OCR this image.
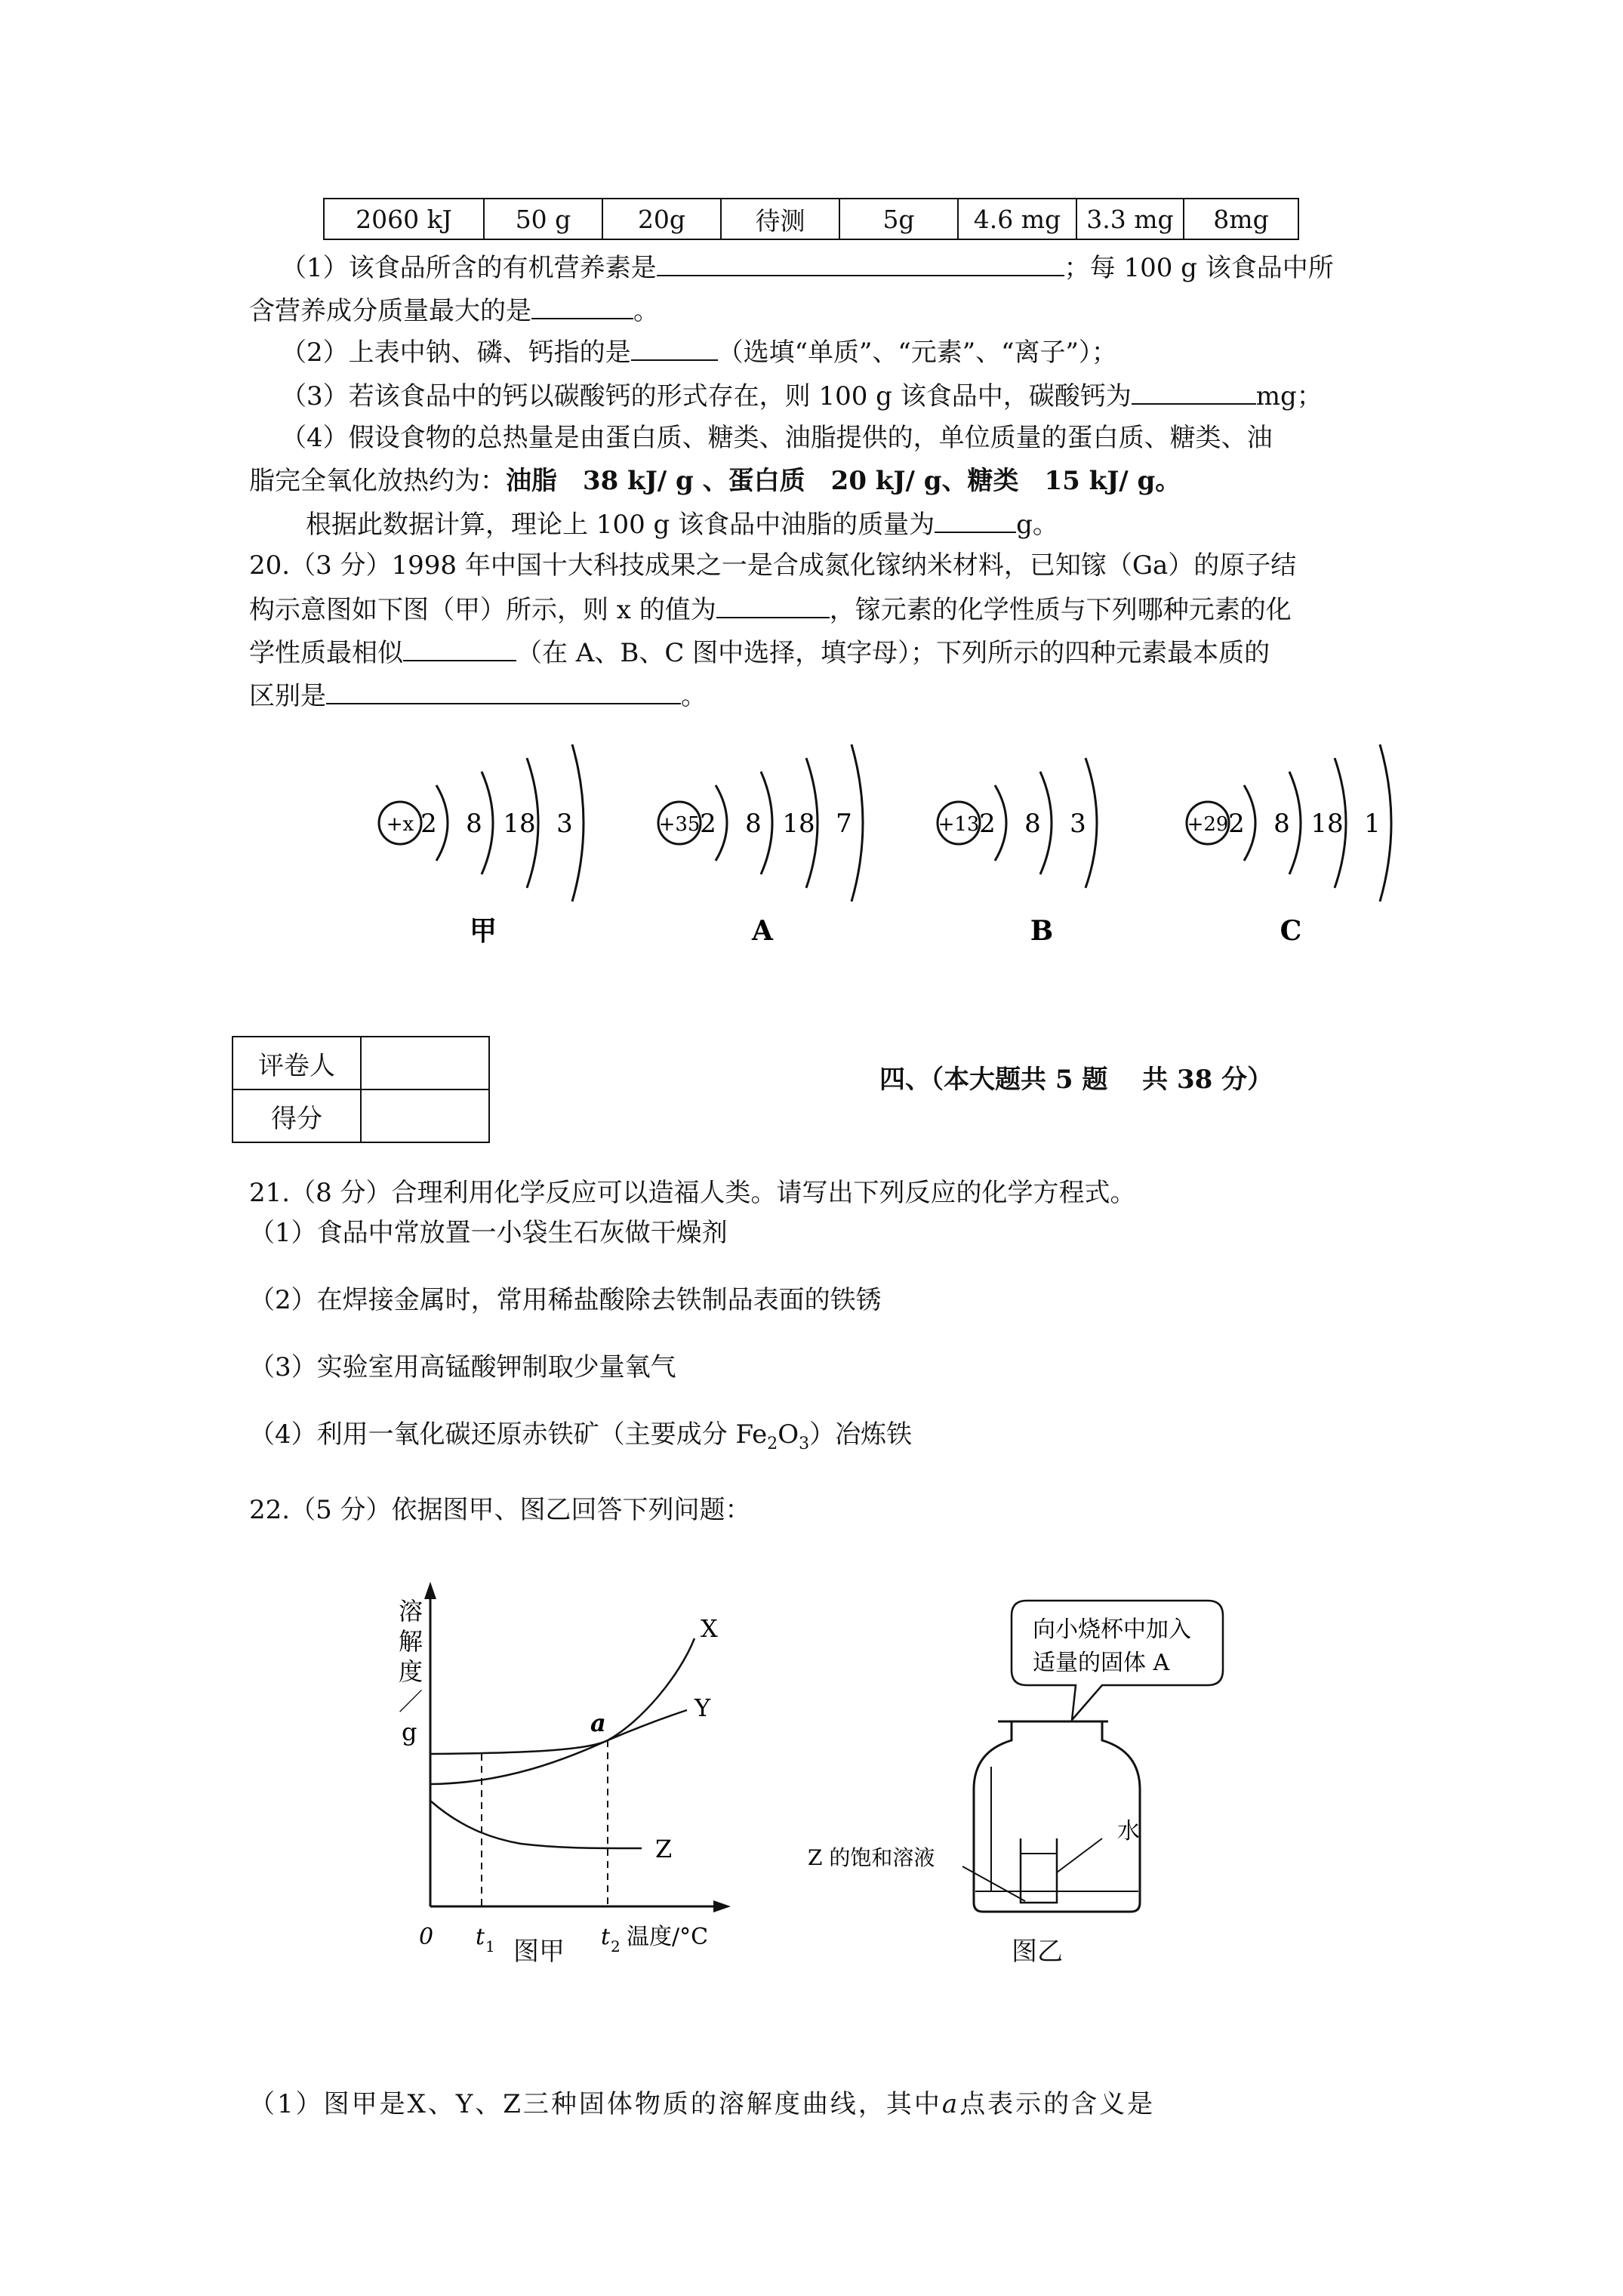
2060 kJ	50 g	20g	待测	5g	4.6 mg	3.3 mg	8mg
（1）该食品所含的有机营养素是	；每 100 g 该食品中所
含营养成分质量最大的是	。
（2）上表中钠、磷、钙指的是	（选填“单质”、“元素”、“离子”）；
（3）若该食品中的钙以碳酸钙的形式存在，则 100 g 该食品中，碳酸钙为	mg；
（4）假设食物的总热量是由蛋白质、糖类、油脂提供的，单位质量的蛋白质、糖类、油
脂完全氧化放热约为：油脂　38 kJ/ g 、蛋白质　20 kJ/ g、糖类　15 kJ/ g。
根据此数据计算，理论上 100 g 该食品中油脂的质量为	g。
20.（3 分）1998 年中国十大科技成果之一是合成氮化镓纳米材料，已知镓（Ga）的原子结
构示意图如下图（甲）所示，则 x 的值为	，镓元素的化学性质与下列哪种元素的化
学性质最相似	（在 A、B、C 图中选择，填字母）；下列所示的四种元素最本质的
区别是	。
+x 2 8 18 3
甲
+35 2 8 18 7
A
+13 2 8 3
B
+29 2 8 18 1
C
评卷人	
得分	
四、（本大题共 5 题　 共 38 分）
21.（8 分）合理利用化学反应可以造福人类。请写出下列反应的化学方程式。
（1）食品中常放置一小袋生石灰做干燥剂
（2）在焊接金属时，常用稀盐酸除去铁制品表面的铁锈
（3）实验室用高锰酸钾制取少量氧气
（4）利用一氧化碳还原赤铁矿（主要成分 $Fe_2O_3$）冶炼铁
22.（5 分）依据图甲、图乙回答下列问题：
溶
解
度
／
g
X
Y
Z
a
0 t 1	t 2 温度/°C
图甲
向小烧杯中加入
适量的固体 A
水
Z 的饱和溶液
图乙
（1）图甲是X、Y、Z三种固体物质的溶解度曲线，其中a点表示的含义是
